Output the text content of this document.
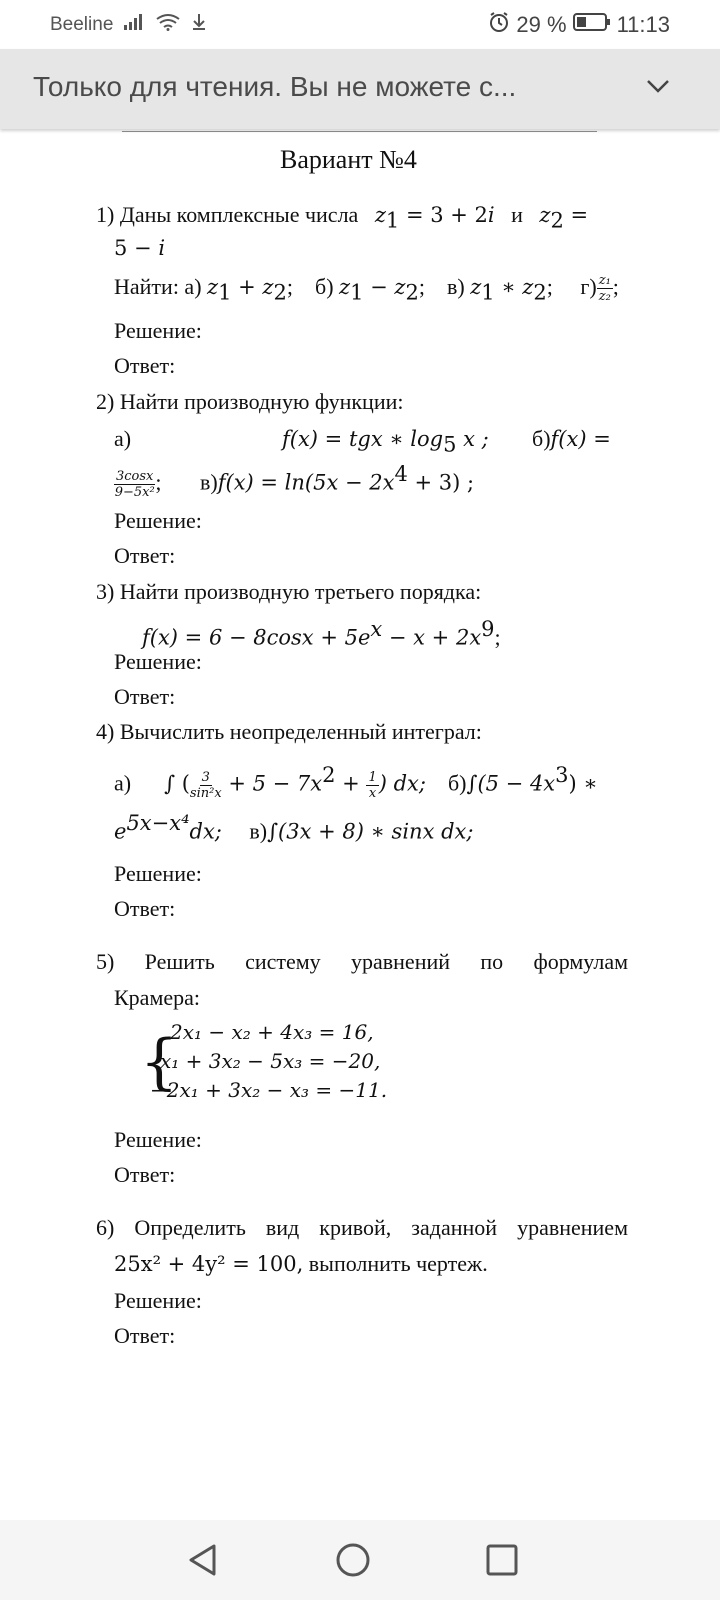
Beeline	29 % 11:13
Только для чтения. Вы не можете с...
Вариант №4
1) Даны комплексные числа $z_1 = 3 + 2i$ и $z_2$ =
5 − i
Найти: а) $z_1 + z_2$; б) $z_1 - z_2$; в) $z_1$ ∗ $z_2$; $г) \frac{\text{z₁}}{\text{z₂}}$ ;
Решение:
Ответ:
2) Найти производную функции:
а)	f(x) = tgx ∗ $\log_5 x$ ; б)f(x) =
$\frac{3\cos x}{\text{9−5x²}}$ ; $в)f(x) = \ln(5x - 2x^4 + 3)$ ;
Решение:
Ответ:
3) Найти производную третьего порядка:
$f(x) = 6 - 8\cos x + 5e^x - x + 2x^9$;
Решение:
Ответ:
4) Вычислить неопределенный интеграл:
а) ∫ ( $\frac{3}{\text{sin²x}} + 5 - 7x^2 + \frac{1}{x}$ ) dx; $б)\int(5 - 4x^3)$ ∗
$e^{5x-x^4}dx$; в)∫(3x + 8) ∗ sinx dx;
Решение:
Ответ:
5) Решить систему уравнений по формулам
Крамера:
{
2x₁ − x₂ + 4x₃ = 16,
x₁ + 3x₂ − 5x₃ = −20,
−2x₁ + 3x₂ − x₃ = −11.
Решение:
Ответ:
6) Определить вид кривой, заданной уравнением
25x² + 4y² = 100, выполнить чертеж.
Решение:
Ответ:
